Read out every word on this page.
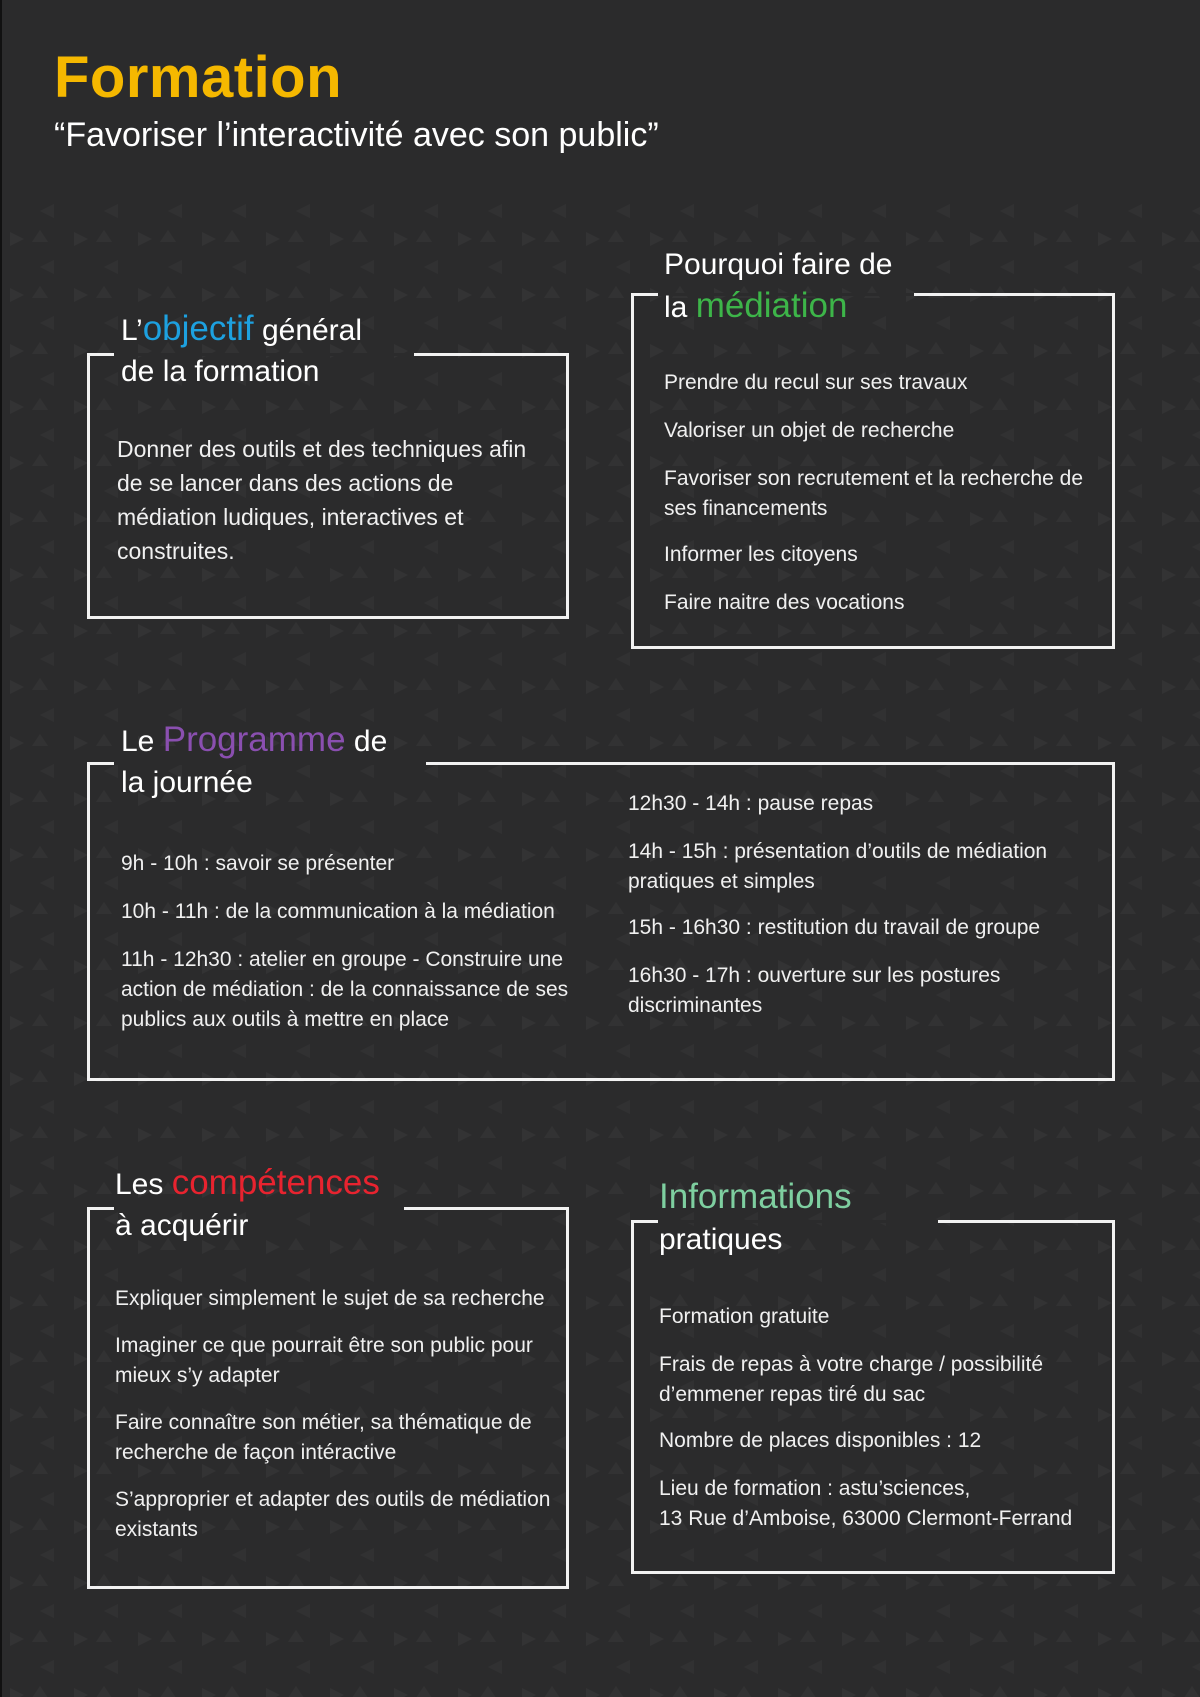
Formation

“Favoriser l’interactivité avec son public”

L’objectif général
de la formation

Donner des outils et des techniques afin de se lancer dans des actions de médiation ludiques, interactives et construites.

Pourquoi faire de
la médiation
Prendre du recul sur ses travaux
Valoriser un objet de recherche
Favoriser son recrutement et la recherche de ses financements
Informer les citoyens
Faire naitre des vocations
Le Programme de
la journée
9h - 10h : savoir se présenter
10h - 11h : de la communication à la médiation
11h - 12h30 : atelier en groupe - Construire une action de médiation : de la connaissance de ses publics aux outils à mettre en place
12h30 - 14h : pause repas
14h - 15h : présentation d’outils de médiation pratiques et simples
15h - 16h30 : restitution du travail de groupe
16h30 - 17h : ouverture sur les postures discriminantes
Les compétences
à acquérir
Expliquer simplement le sujet de sa recherche
Imaginer ce que pourrait être son public pour mieux s’y adapter
Faire connaître son métier, sa thématique de recherche de façon intéractive
S’approprier et adapter des outils de médiation existants
Informations
pratiques
Formation gratuite
Frais de repas à votre charge / possibilité d’emmener repas tiré du sac
Nombre de places disponibles : 12
Lieu de formation : astu’sciences,
13 Rue d’Amboise, 63000 Clermont-Ferrand
